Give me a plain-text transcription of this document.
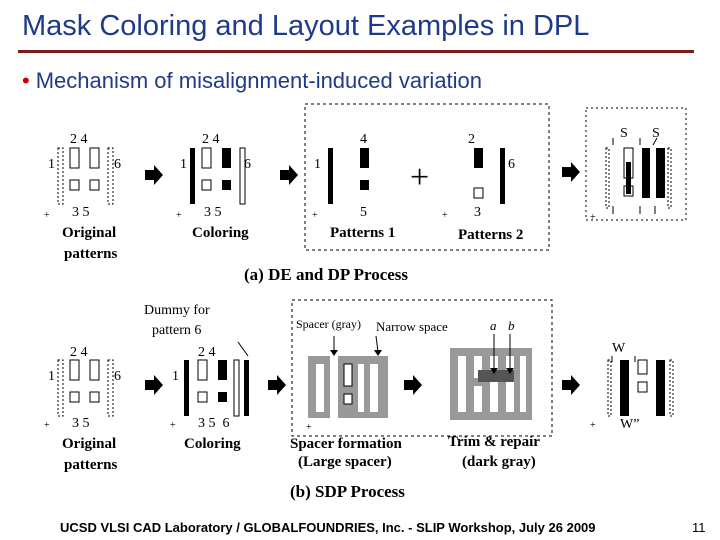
Mask Coloring and Layout Examples in DPL
• Mechanism of misalignment-induced variation
+
2 4
1	6
3 5
Original
patterns
+
2 4
1	6
3 5
Coloring
+
4
1
5
Patterns 1
+
+
2
6
3
Patterns 2
+
S S
(a) DE and DP Process
+
2 4
1	6
3 5
Original
patterns
Dummy for
pattern 6
+
2 4
1
3 5  6
Coloring
Spacer (gray) Narrow space	a b
+
Spacer formation
(Large spacer)
Trim & repair
(dark gray)
+
W
W”
(b) SDP Process
UCSD VLSI CAD Laboratory / GLOBALFOUNDRIES, Inc. - SLIP Workshop, July 26 2009	11
